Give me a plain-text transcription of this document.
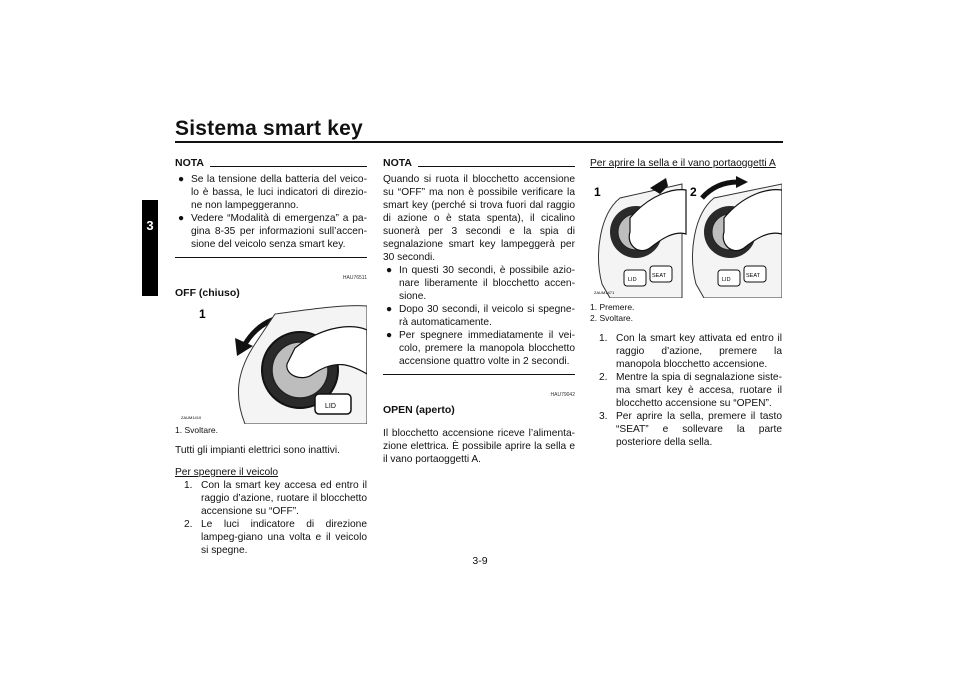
Sistema smart key
3
NOTA

● Se la tensione della batteria del veico-lo è bassa, le luci indicatori di direzio-ne non lampeggeranno.

● Vedere “Modalità di emergenza” a pa-gina 8-35 per informazioni sull’accen-sione del veicolo senza smart key.

HAU76511
OFF (chiuso)
1
LID
ZAUM1410
1. Svoltare.
Tutti gli impianti elettrici sono inattivi.
Per spegnere il veicolo

1. Con la smart key accesa ed entro il raggio d’azione, ruotare il blocchetto accensione su “OFF”.

2. Le luci indicatore di direzione lampeg-giano una volta e il veicolo si spegne.

NOTA
Quando si ruota il blocchetto accensione su “OFF” ma non è possibile verificare la smart key (perché si trova fuori dal raggio di azione o è stata spenta), il cicalino suonerà per 3 secondi e la spia di segnalazione smart key lampeggerà per 30 secondi.

● In questi 30 secondi, è possibile azio-nare liberamente il blocchetto accen-sione.

● Dopo 30 secondi, il veicolo si spegne-rà automaticamente.

● Per spegnere immediatamente il vei-colo, premere la manopola blocchetto accensione quattro volte in 2 secondi.

HAU79042
OPEN (aperto)
Il blocchetto accensione riceve l’alimenta-zione elettrica. È possibile aprire la sella e il vano portaoggetti A.
Per aprire la sella e il vano portaoggetti A
1	2
LID
SEAT
LID
SEAT
ZAUM1471
1. Premere.
2. Svoltare.

1. Con la smart key attivata ed entro il raggio d’azione, premere la manopola blocchetto accensione.

2. Mentre la spia di segnalazione siste-ma smart key è accesa, ruotare il blocchetto accensione su “OPEN”.

3. Per aprire la sella, premere il tasto “SEAT” e sollevare la parte posteriore della sella.

3-9
